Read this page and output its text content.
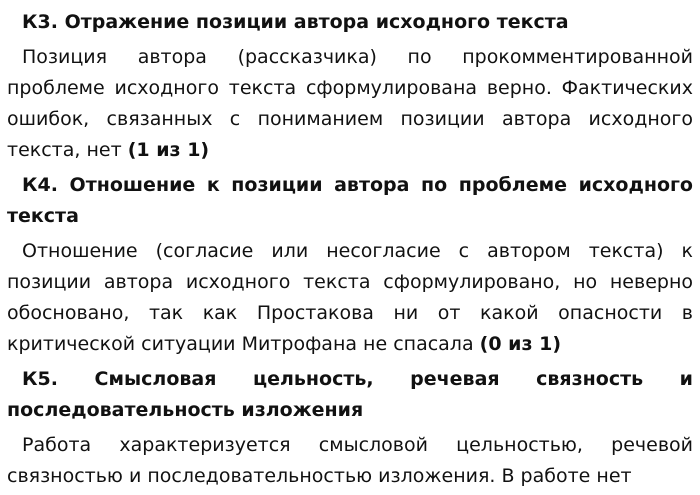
К3. Отражение позиции автора исходного текста

Позиция автора (рассказчика) по прокомментированной проблеме исходного текста сформулирована верно. Фактических ошибок, связанных с пониманием позиции автора исходного текста, нет (1 из 1)

К4. Отношение к позиции автора по проблеме исходного текста

Отношение (согласие или несогласие с автором текста) к позиции автора исходного текста сформулировано, но неверно обосновано, так как Простакова ни от какой опасности в критической ситуации Митрофана не спасала (0 из 1)

К5. Смысловая цельность, речевая связность и последовательность изложения

Работа характеризуется смысловой цельностью, речевой связностью и последовательностью изложения. В работе нет
